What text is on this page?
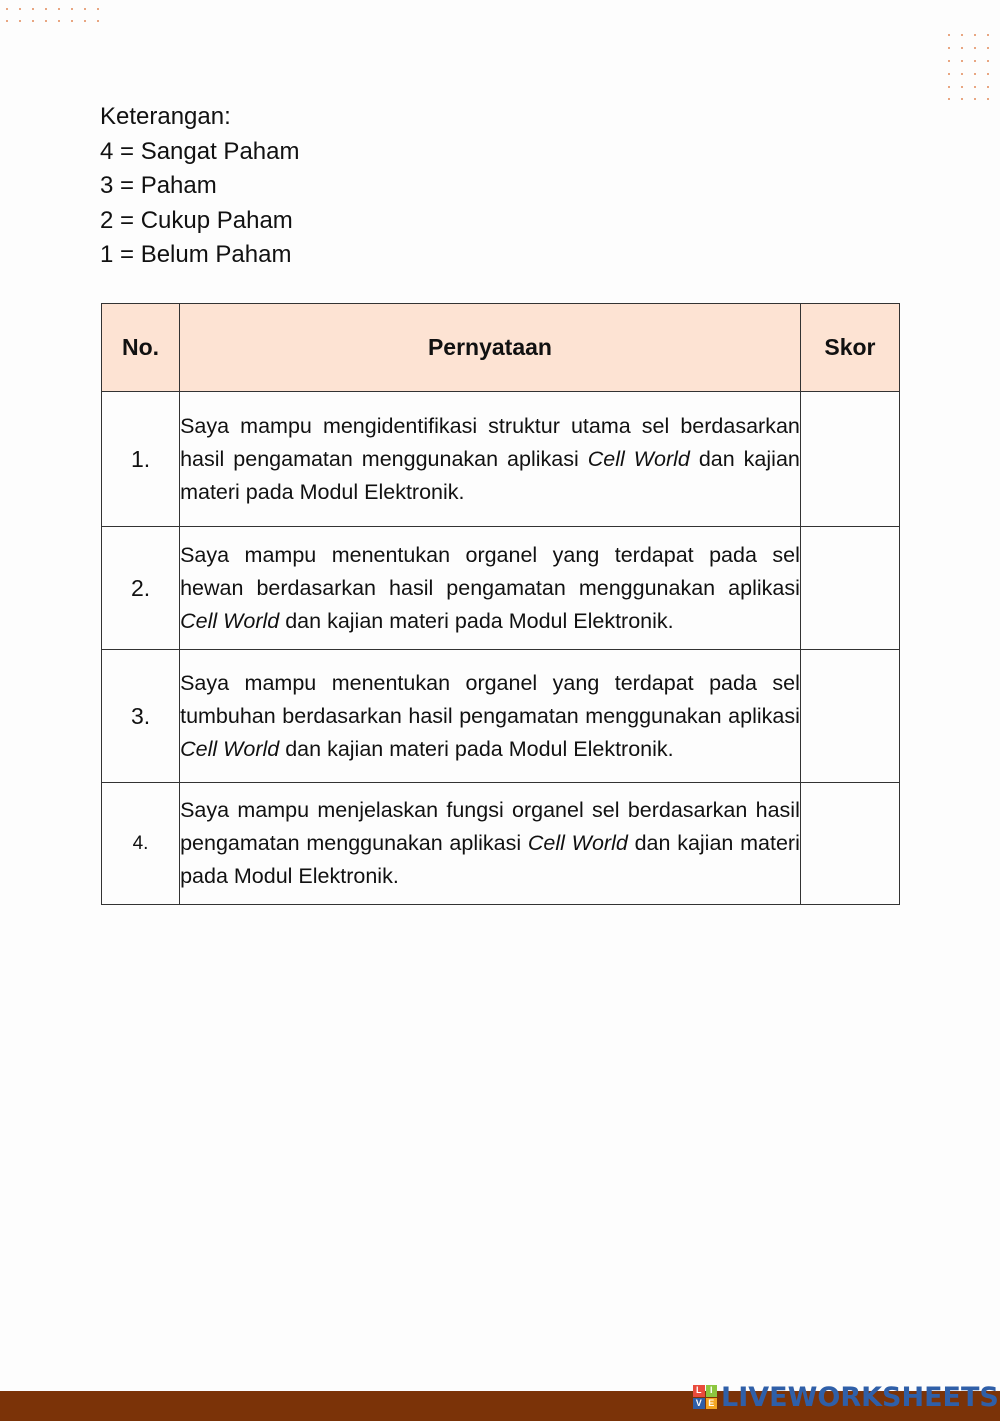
Keterangan:
4 = Sangat Paham
3 = Paham
2 = Cukup Paham
1 = Belum Paham
No.	Pernyataan	Skor
1.	Saya mampu mengidentifikasi struktur utama sel berdasarkan hasil pengamatan menggunakan aplikasi Cell World dan kajian materi pada Modul Elektronik.	

2.	Saya mampu menentukan organel yang terdapat pada sel hewan berdasarkan hasil pengamatan menggunakan aplikasi Cell World dan kajian materi pada Modul Elektronik.	

3.	Saya mampu menentukan organel yang terdapat pada sel tumbuhan berdasarkan hasil pengamatan menggunakan aplikasi Cell World dan kajian materi pada Modul Elektronik.	

4.	Saya mampu menjelaskan fungsi organel sel berdasarkan hasil pengamatan menggunakan aplikasi Cell World dan kajian materi pada Modul Elektronik.	

L I
V E LIVEWORKSHEETS
